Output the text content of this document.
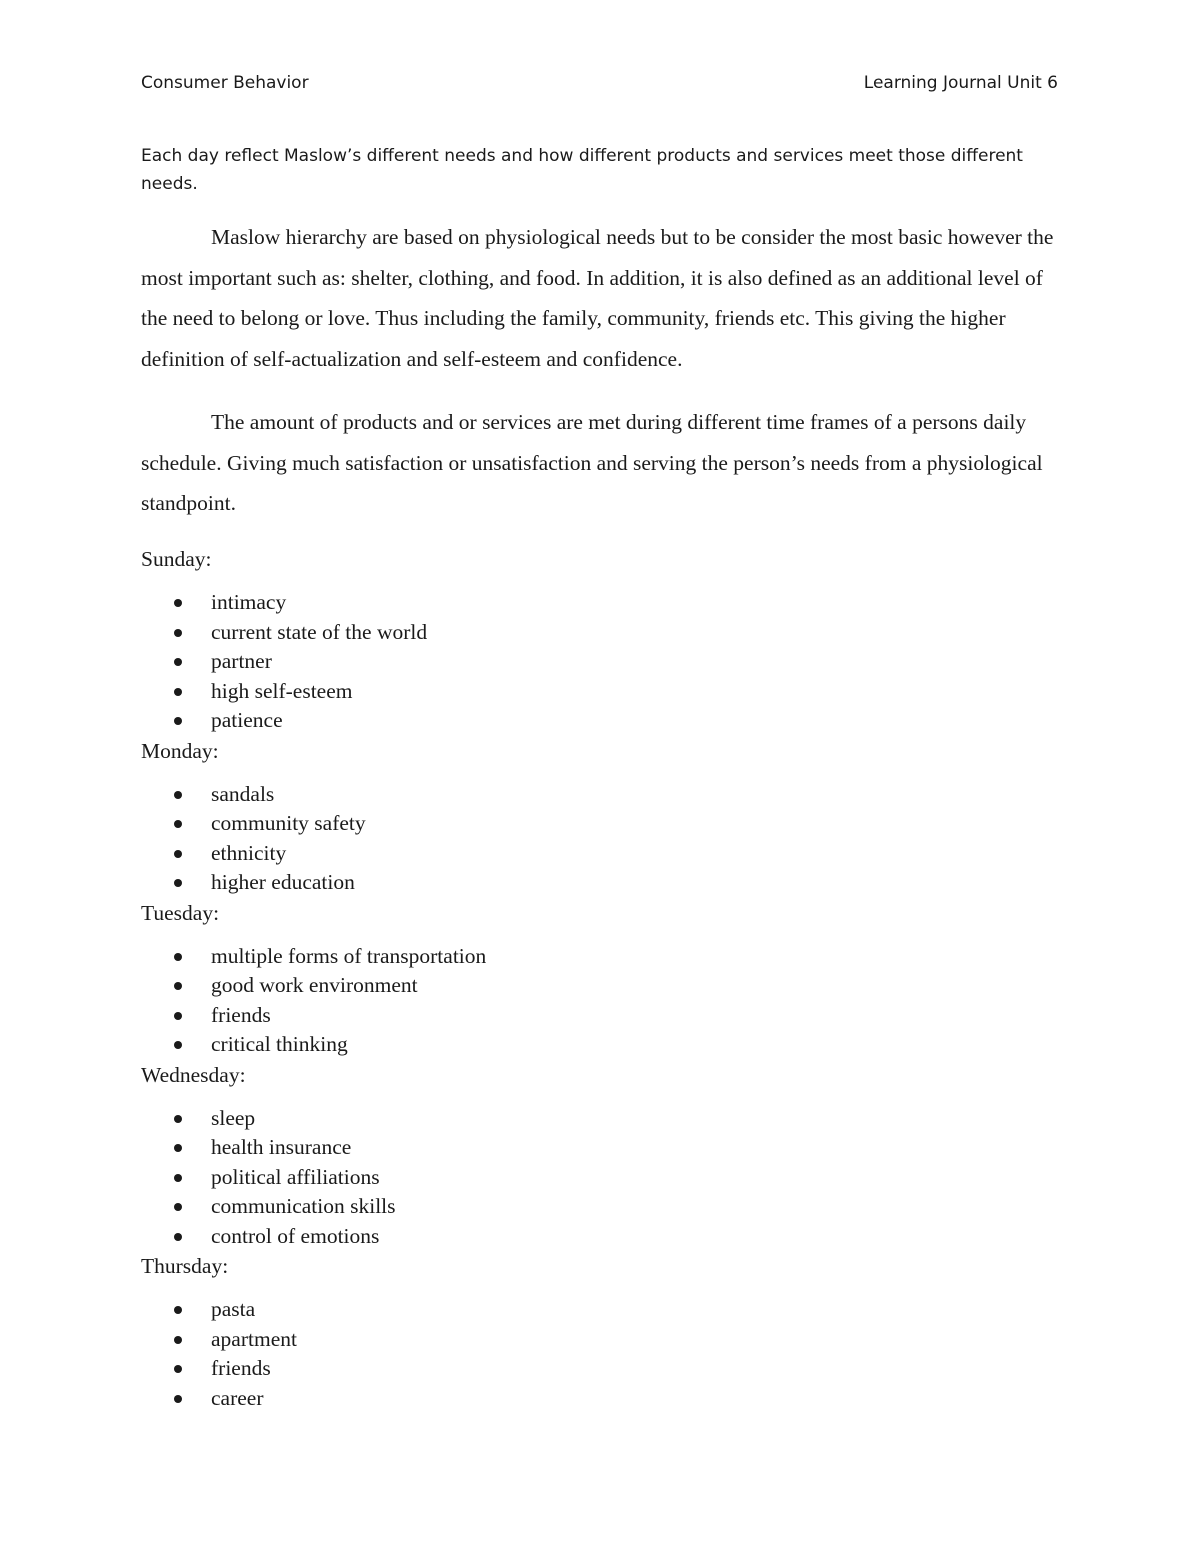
Consumer Behavior	Learning Journal Unit 6

Each day reflect Maslow’s different needs and how different products and services meet those different needs.

Maslow hierarchy are based on physiological needs but to be consider the most basic however the most important such as: shelter, clothing, and food. In addition, it is also defined as an additional level of the need to belong or love. Thus including the family, community, friends etc. This giving the higher definition of self-actualization and self-esteem and confidence.

The amount of products and or services are met during different time frames of a persons daily schedule. Giving much satisfaction or unsatisfaction and serving the person’s needs from a physiological standpoint.

Sunday:

intimacy
current state of the world
partner
high self-esteem
patience

Monday:

sandals
community safety
ethnicity
higher education

Tuesday:

multiple forms of transportation
good work environment
friends
critical thinking

Wednesday:

sleep
health insurance
political affiliations
communication skills
control of emotions

Thursday:

pasta
apartment
friends
career
